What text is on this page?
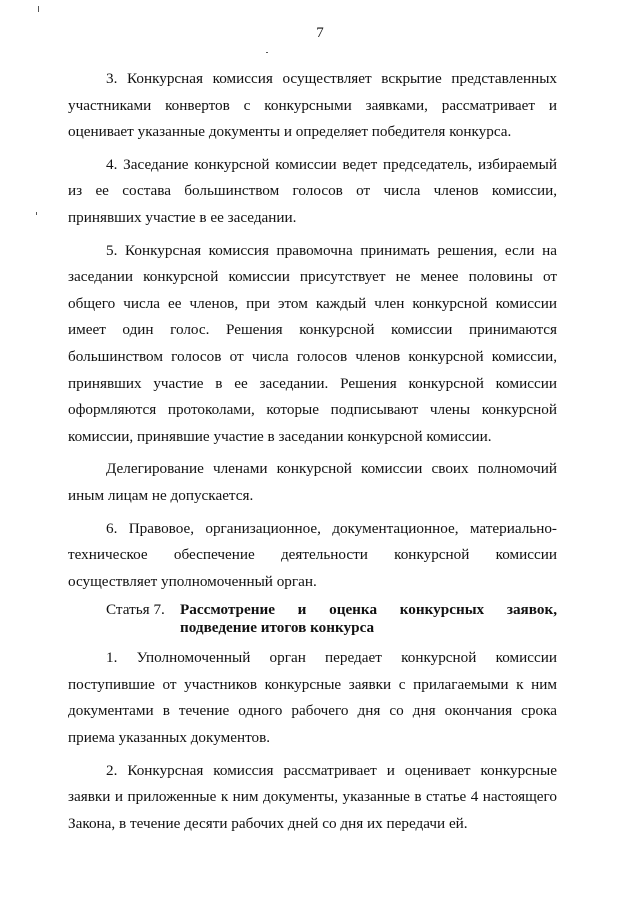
7

3. Конкурсная комиссия осуществляет вскрытие представленных участниками конвертов с конкурсными заявками, рассматривает и оценивает указанные документы и определяет победителя конкурса.

4. Заседание конкурсной комиссии ведет председатель, избираемый из ее состава большинством голосов от числа членов комиссии, принявших участие в ее заседании.

5. Конкурсная комиссия правомочна принимать решения, если на заседании конкурсной комиссии присутствует не менее половины от общего числа ее членов, при этом каждый член конкурсной комиссии имеет один голос. Решения конкурсной комиссии принимаются большинством голосов от числа голосов членов конкурсной комиссии, принявших участие в ее заседании. Решения конкурсной комиссии оформляются протоколами, которые подписывают члены конкурсной комиссии, принявшие участие в заседании конкурсной комиссии.

Делегирование членами конкурсной комиссии своих полномочий иным лицам не допускается.

6. Правовое, организационное, документационное, материально-техническое обеспечение деятельности конкурсной комиссии осуществляет уполномоченный орган.

Статья 7. Рассмотрение и оценка конкурсных заявок,
подведение итогов конкурса

1. Уполномоченный орган передает конкурсной комиссии поступившие от участников конкурсные заявки с прилагаемыми к ним документами в течение одного рабочего дня со дня окончания срока приема указанных документов.

2. Конкурсная комиссия рассматривает и оценивает конкурсные заявки и приложенные к ним документы, указанные в статье 4 настоящего Закона, в течение десяти рабочих дней со дня их передачи ей.
